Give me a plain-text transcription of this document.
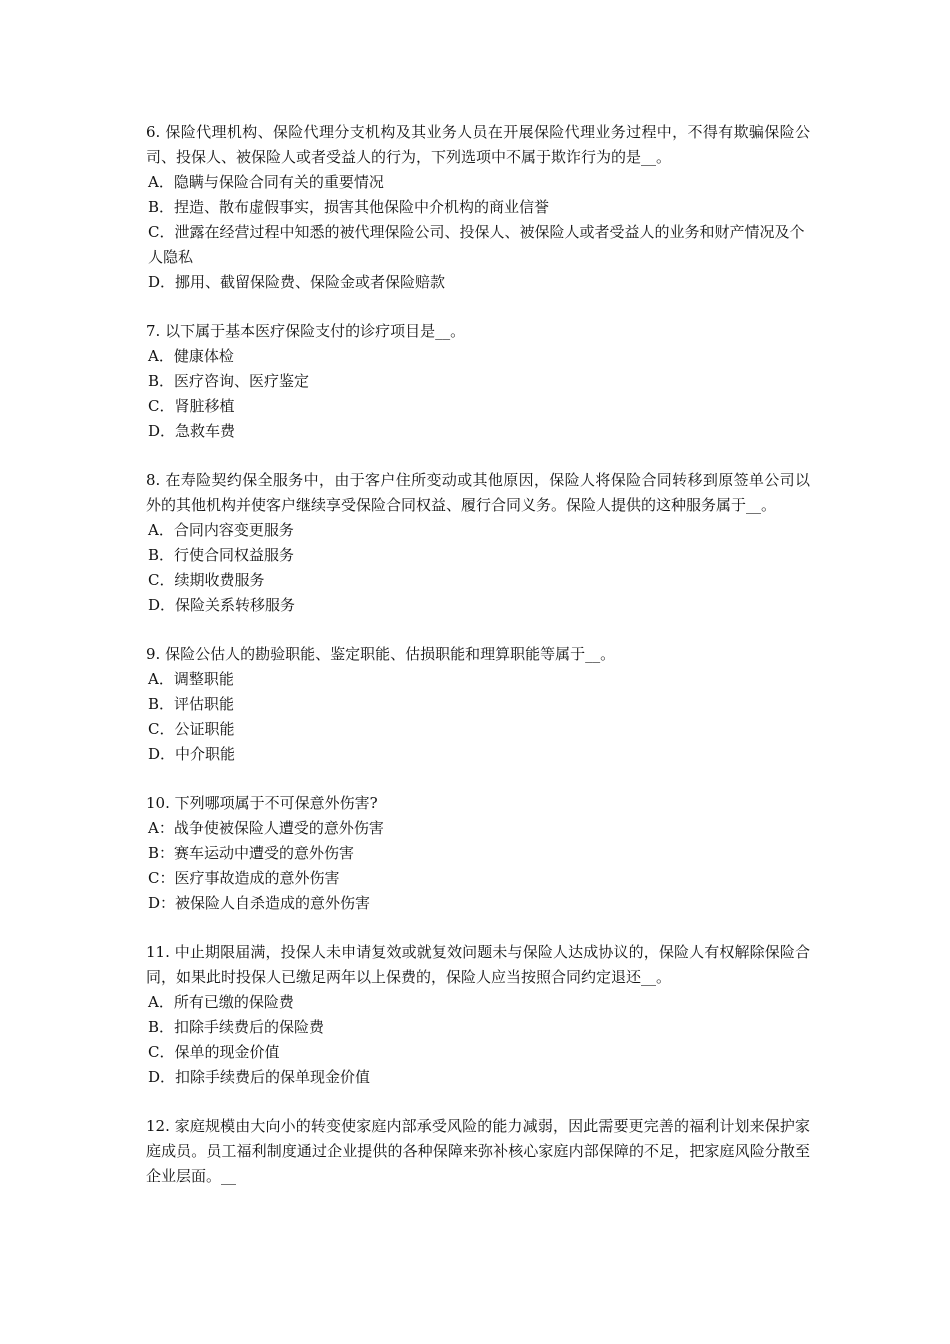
6. 保险代理机构、保险代理分支机构及其业务人员在开展保险代理业务过程中，不得有欺骗保险公司、投保人、被保险人或者受益人的行为，下列选项中不属于欺诈行为的是__。

A．隐瞒与保险合同有关的重要情况

B．捏造、散布虚假事实，损害其他保险中介机构的商业信誉

C．泄露在经营过程中知悉的被代理保险公司、投保人、被保险人或者受益人的业务和财产情况及个人隐私

D．挪用、截留保险费、保险金或者保险赔款

7. 以下属于基本医疗保险支付的诊疗项目是__。

A．健康体检

B．医疗咨询、医疗鉴定

C．肾脏移植

D．急救车费

8. 在寿险契约保全服务中，由于客户住所变动或其他原因，保险人将保险合同转移到原签单公司以外的其他机构并使客户继续享受保险合同权益、履行合同义务。保险人提供的这种服务属于__。

A．合同内容变更服务

B．行使合同权益服务

C．续期收费服务

D．保险关系转移服务

9. 保险公估人的勘验职能、鉴定职能、估损职能和理算职能等属于__。

A．调整职能

B．评估职能

C．公证职能

D．中介职能

10. 下列哪项属于不可保意外伤害?

A：战争使被保险人遭受的意外伤害

B：赛车运动中遭受的意外伤害

C：医疗事故造成的意外伤害

D：被保险人自杀造成的意外伤害

11. 中止期限届满，投保人未申请复效或就复效问题未与保险人达成协议的，保险人有权解除保险合同，如果此时投保人已缴足两年以上保费的，保险人应当按照合同约定退还__。

A．所有已缴的保险费

B．扣除手续费后的保险费

C．保单的现金价值

D．扣除手续费后的保单现金价值

12. 家庭规模由大向小的转变使家庭内部承受风险的能力减弱，因此需要更完善的福利计划来保护家庭成员。员工福利制度通过企业提供的各种保障来弥补核心家庭内部保障的不足，把家庭风险分散至企业层面。__
